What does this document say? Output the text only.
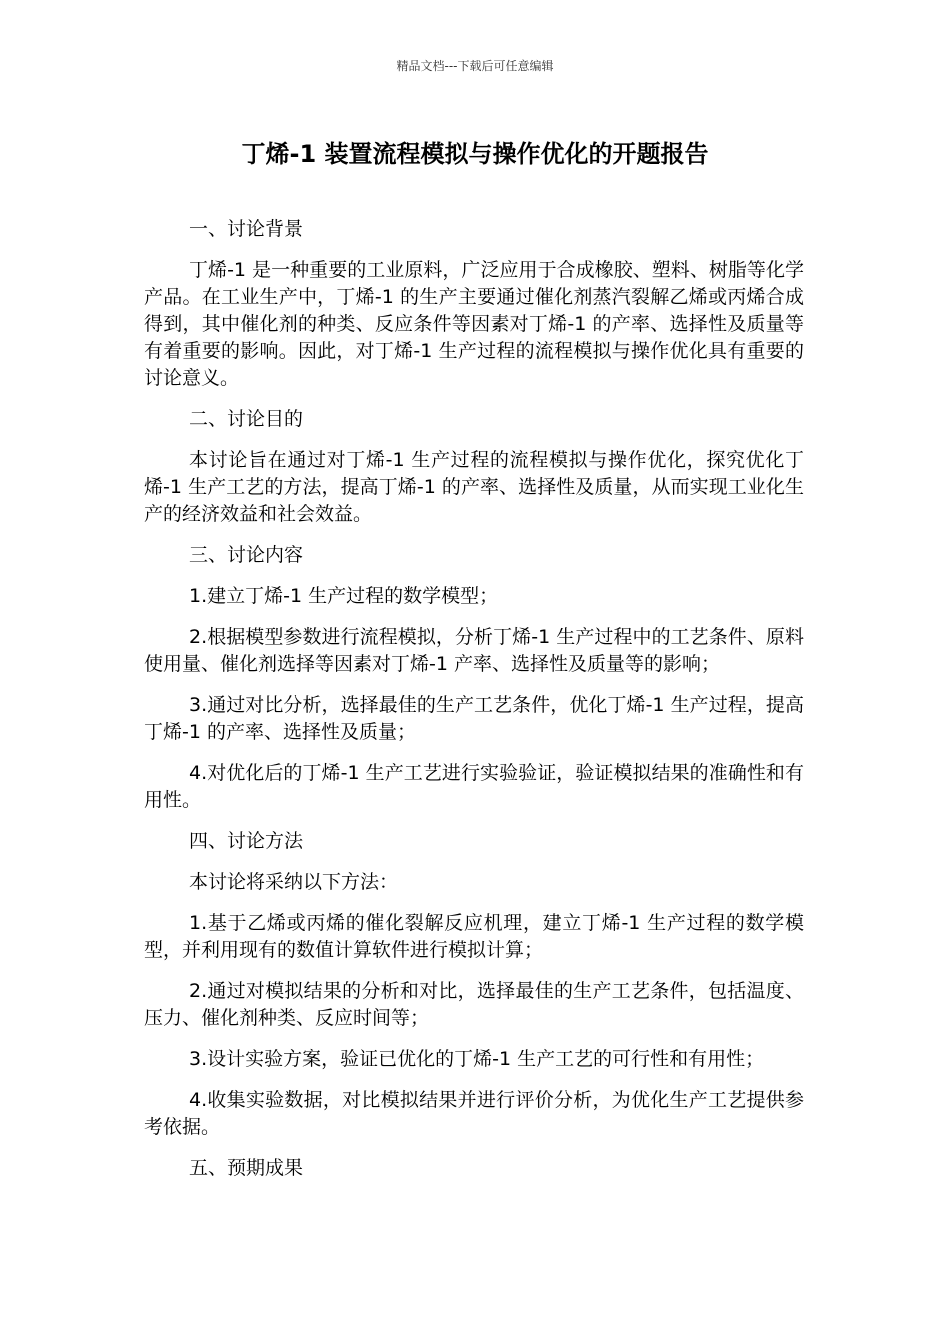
精品文档---下载后可任意编辑
丁烯-1 装置流程模拟与操作优化的开题报告

一、讨论背景

丁烯-1 是一种重要的工业原料，广泛应用于合成橡胶、塑料、树脂等化学产品。在工业生产中，丁烯-1 的生产主要通过催化剂蒸汽裂解乙烯或丙烯合成得到，其中催化剂的种类、反应条件等因素对丁烯-1 的产率、选择性及质量等有着重要的影响。因此，对丁烯-1 生产过程的流程模拟与操作优化具有重要的讨论意义。

二、讨论目的

本讨论旨在通过对丁烯-1 生产过程的流程模拟与操作优化，探究优化丁烯-1 生产工艺的方法，提高丁烯-1 的产率、选择性及质量，从而实现工业化生产的经济效益和社会效益。

三、讨论内容

1.建立丁烯-1 生产过程的数学模型；

2.根据模型参数进行流程模拟，分析丁烯-1 生产过程中的工艺条件、原料使用量、催化剂选择等因素对丁烯-1 产率、选择性及质量等的影响；

3.通过对比分析，选择最佳的生产工艺条件，优化丁烯-1 生产过程，提高丁烯-1 的产率、选择性及质量；

4.对优化后的丁烯-1 生产工艺进行实验验证，验证模拟结果的准确性和有用性。

四、讨论方法

本讨论将采纳以下方法：

1.基于乙烯或丙烯的催化裂解反应机理，建立丁烯-1 生产过程的数学模型，并利用现有的数值计算软件进行模拟计算；

2.通过对模拟结果的分析和对比，选择最佳的生产工艺条件，包括温度、压力、催化剂种类、反应时间等；

3.设计实验方案，验证已优化的丁烯-1 生产工艺的可行性和有用性；

4.收集实验数据，对比模拟结果并进行评价分析，为优化生产工艺提供参考依据。

五、预期成果
